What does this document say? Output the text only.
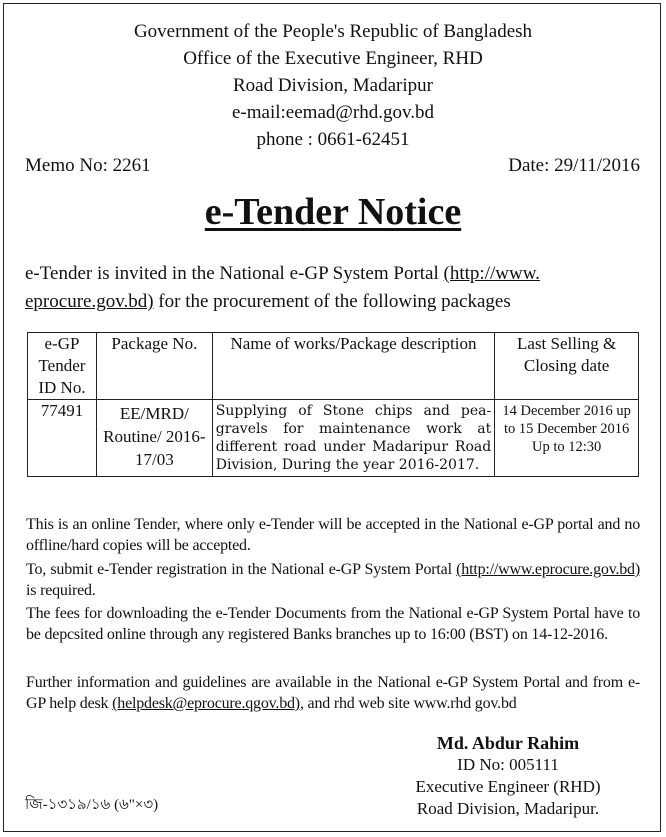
Government of the People's Republic of Bangladesh
Office of the Executive Engineer, RHD
Road Division, Madaripur
e-mail:eemad@rhd.gov.bd
phone : 0661-62451
Memo No: 2261	Date: 29/11/2016
e-Tender Notice
e-Tender is invited in the National e-GP System Portal (http://www. eprocure.gov.bd) for the procurement of the following packages
e-GP Tender ID No.	Package No.	Name of works/Package description	Last Selling & Closing date
77491	EE/MRD/ Routine/ 2016-17/03	Supplying of Stone chips and pea-gravels for maintenance work at different road under Madaripur Road Division, During the year 2016-2017.	14 December 2016 up to 15 December 2016 Up to 12:30
This is an online Tender, where only e-Tender will be accepted in the National e-GP portal and no offline/hard copies will be accepted.
To, submit e-Tender registration in the National e-GP System Portal (http://www.eprocure.gov.bd) is required.
The fees for downloading the e-Tender Documents from the National e-GP System Portal have to be depcsited online through any registered Banks branches up to 16:00 (BST) on 14-12-2016.
Further information and guidelines are available in the National e-GP System Portal and from e-GP help desk (helpdesk@eprocure.qgov.bd), and rhd web site www.rhd gov.bd
Md. Abdur Rahim
ID No: 005111
Executive Engineer (RHD)
Road Division, Madaripur.
জি-১৩১৯/১৬ (৬"×৩)
